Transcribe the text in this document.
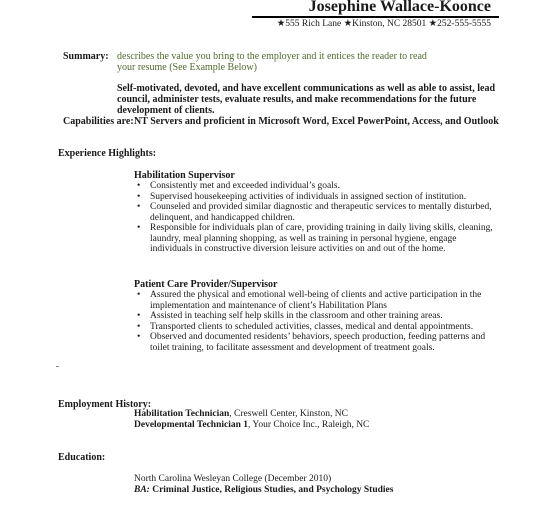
Josephine Wallace-Koonce
★555 Rich Lane ★Kinston, NC 28501 ★252-555-5555
Summary: describes the value you bring to the employer and it entices the reader to read
your resume (See Example Below)
Self-motivated, devoted, and have excellent communications as well as able to assist, lead
council, administer tests, evaluate results, and make recommendations for the future
development of clients.
Capabilities are: NT Servers and proficient in Microsoft Word, Excel PowerPoint, Access, and Outlook
Experience Highlights:
Habilitation Supervisor
• Consistently met and exceeded individual’s goals.
• Supervised housekeeping activities of individuals in assigned section of institution.
• Counseled and provided similar diagnostic and therapeutic services to mentally disturbed,
delinquent, and handicapped children.
• Responsible for individuals plan of care, providing training in daily living skills, cleaning,
laundry, meal planning shopping, as well as training in personal hygiene, engage
individuals in constructive diversion leisure activities on and out of the home.
Patient Care Provider/Supervisor
• Assured the physical and emotional well-being of clients and active participation in the
implementation and maintenance of client’s Habilitation Plans
• Assisted in teaching self help skills in the classroom and other training areas.
• Transported clients to scheduled activities, classes, medical and dental appointments.
• Observed and documented residents’ behaviors, speech production, feeding patterns and
toilet training, to facilitate assessment and development of treatment goals.
Employment History:
Habilitation Technician, Creswell Center, Kinston, NC
Developmental Technician 1, Your Choice Inc., Raleigh, NC
Education:
North Carolina Wesleyan College (December 2010)
BA: Criminal Justice, Religious Studies, and Psychology Studies
